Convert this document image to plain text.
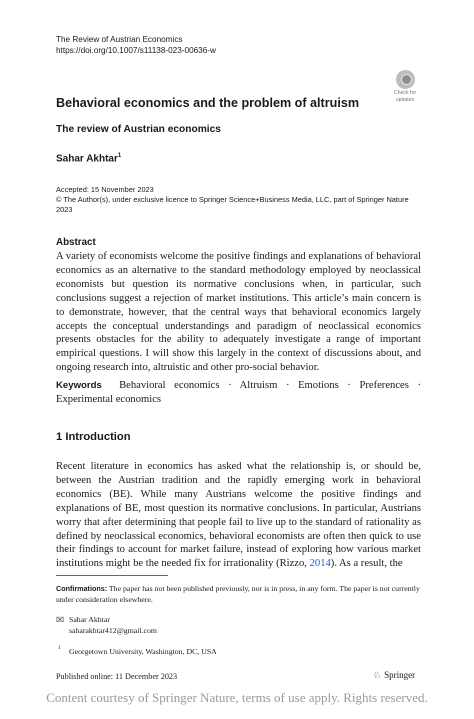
The Review of Austrian Economics
https://doi.org/10.1007/s11138-023-00636-w
Check for
updates
Behavioral economics and the problem of altruism
The review of Austrian economics
Sahar Akhtar$^1$
Accepted: 15 November 2023
© The Author(s), under exclusive licence to Springer Science+Business Media, LLC, part of Springer Nature 2023
Abstract
A variety of economists welcome the positive findings and explanations of behavioral economics as an alternative to the standard methodology employed by neoclassical economists but question its normative conclusions when, in particular, such conclusions suggest a rejection of market institutions. This article’s main concern is to demonstrate, however, that the central ways that behavioral economics largely accepts the conceptual understandings and paradigm of neoclassical economics presents obstacles for the ability to adequately investigate a range of important empirical questions. I will show this largely in the context of discussions about, and ongoing research into, altruistic and other pro-social behavior.
Keywords Behavioral economics · Altruism · Emotions · Preferences · Experimental economics
1 Introduction
Recent literature in economics has asked what the relationship is, or should be, between the Austrian tradition and the rapidly emerging work in behavioral economics (BE). While many Austrians welcome the positive findings and explanations of BE, most question its normative conclusions. In particular, Austrians worry that after determining that people fail to live up to the standard of rationality as defined by neoclassical economics, behavioral economists are often then quick to use their findings to account for market failure, instead of exploring how various market institutions might be the needed fix for irrationality (Rizzo, 2014). As a result, the
Confirmations: The paper has not been published previously, nor is in press, in any form. The paper is not currently under consideration elsewhere.
✉ Sahar Akhtar
saharakhtar412@gmail.com
1 Georgetown University, Washington, DC, USA
Published online: 11 December 2023	♘ Springer
Content courtesy of Springer Nature, terms of use apply. Rights reserved.
